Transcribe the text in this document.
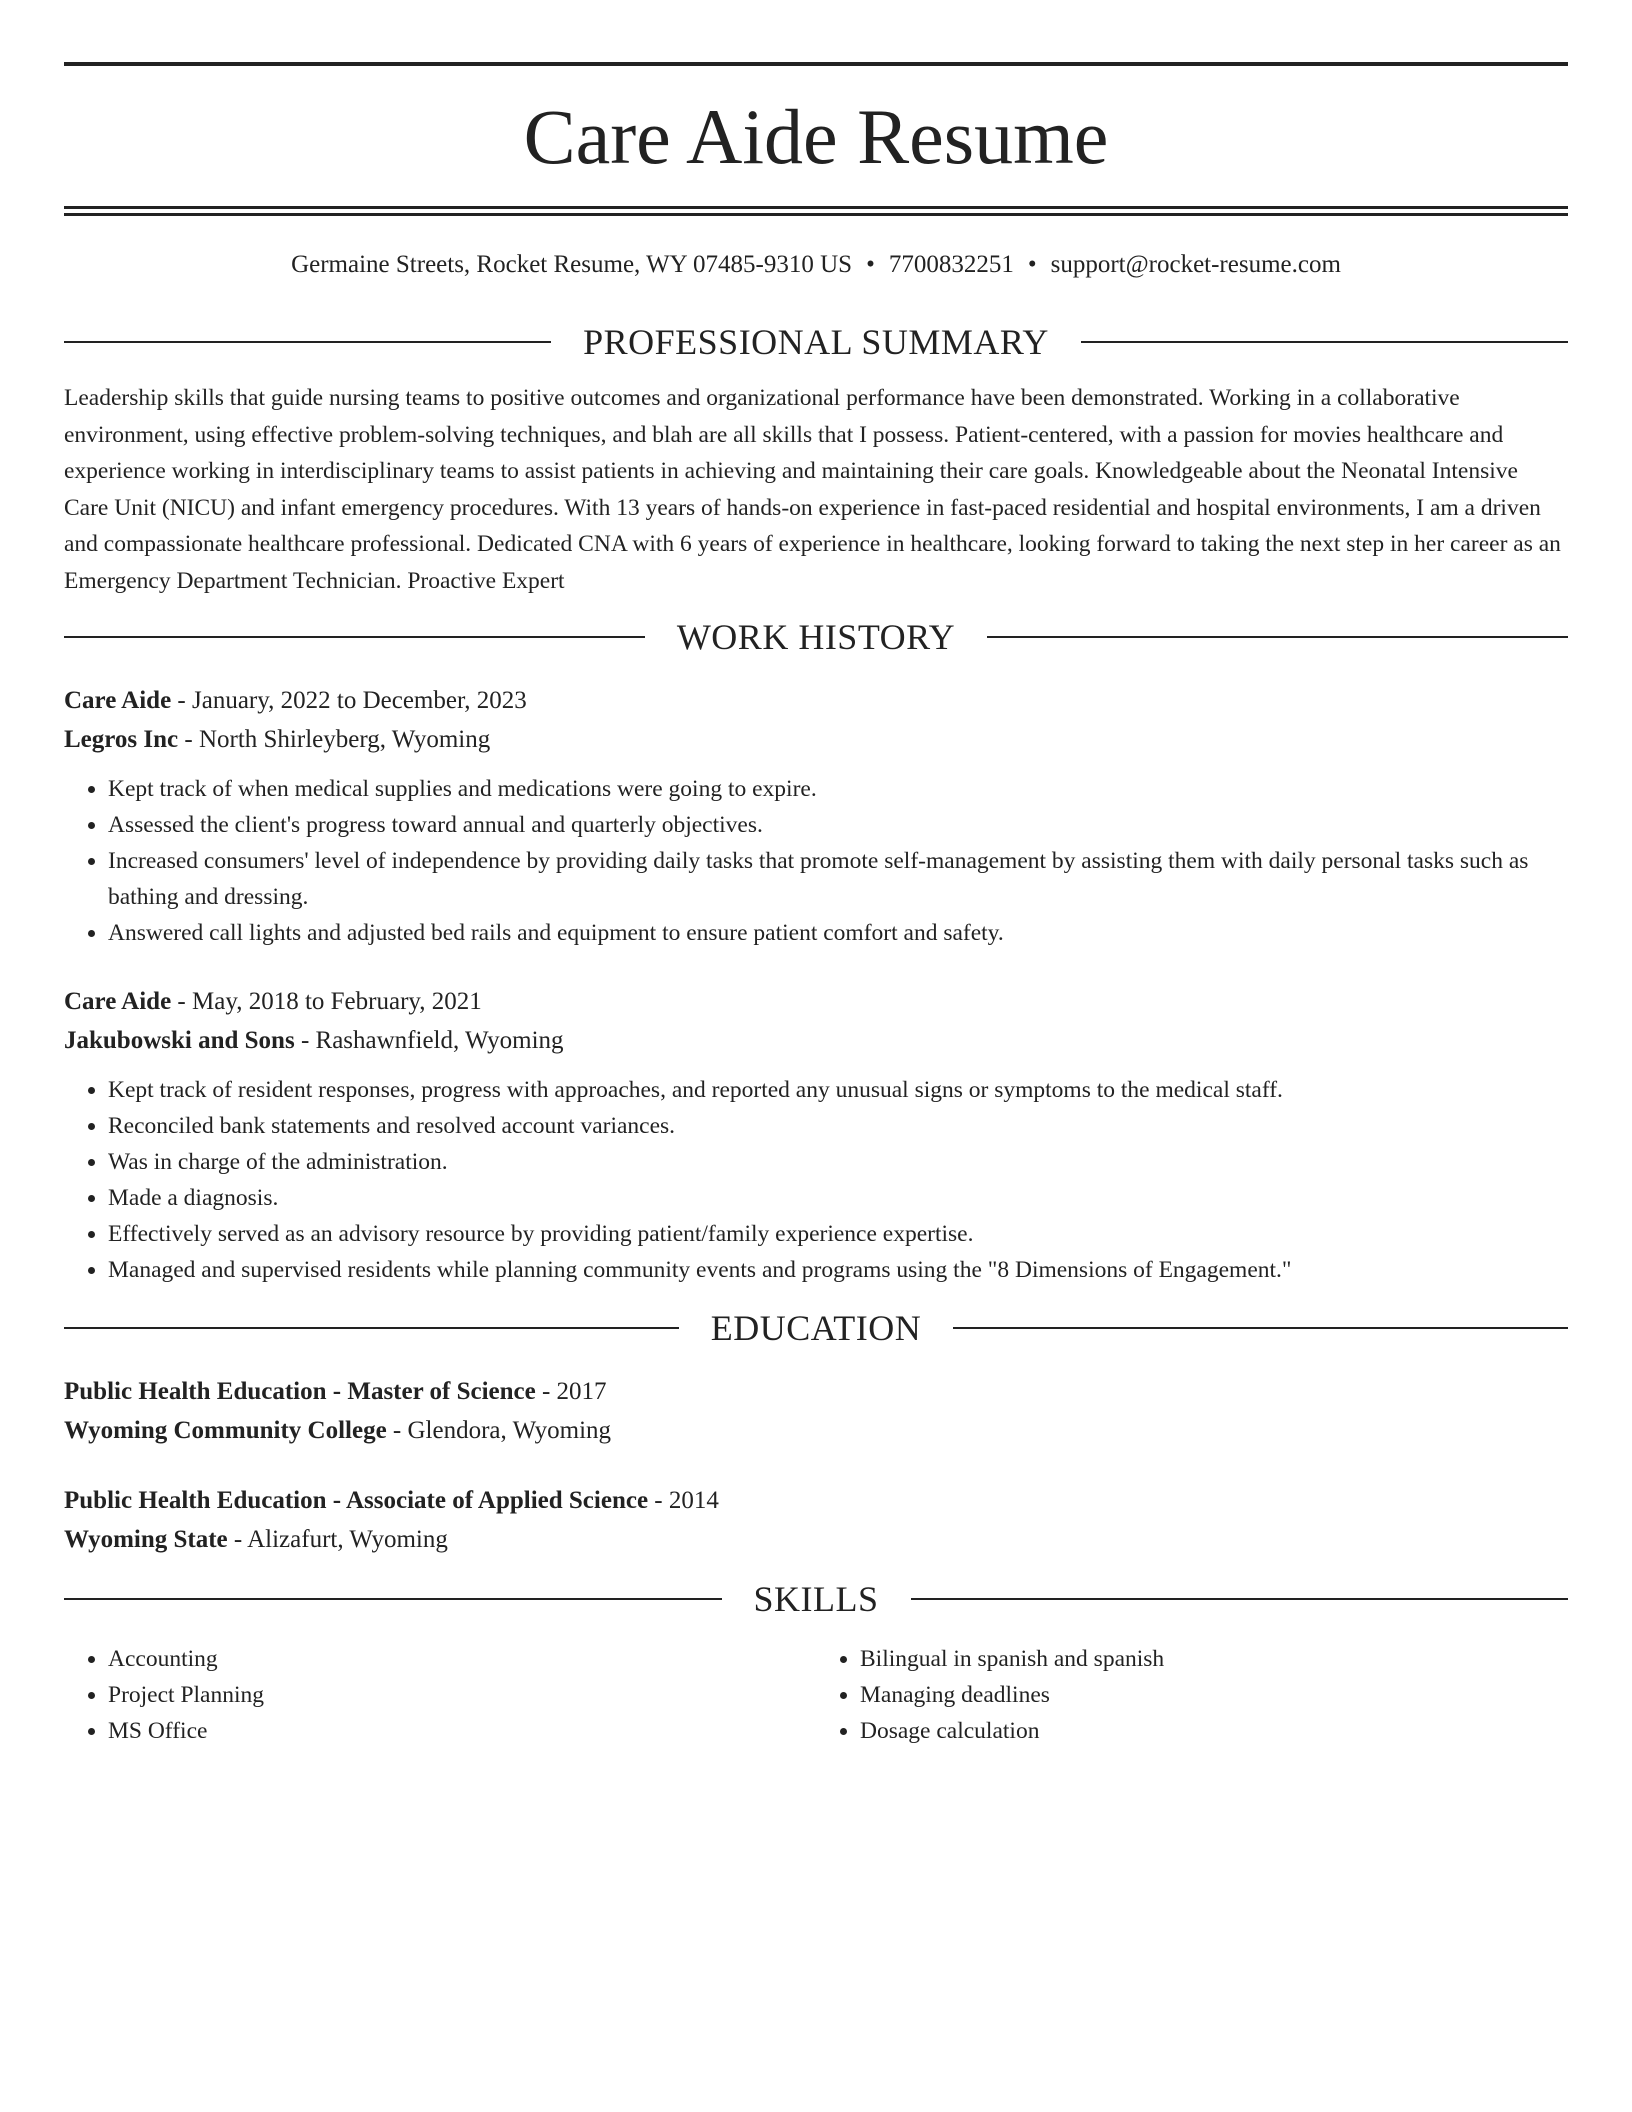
Care Aide Resume
Germaine Streets, Rocket Resume, WY 07485-9310 US • 7700832251 • support@rocket-resume.com
PROFESSIONAL SUMMARY

Leadership skills that guide nursing teams to positive outcomes and organizational performance have been demonstrated. Working in a collaborative environment, using effective problem-solving techniques, and blah are all skills that I possess. Patient-centered, with a passion for movies healthcare and experience working in interdisciplinary teams to assist patients in achieving and maintaining their care goals. Knowledgeable about the Neonatal Intensive Care Unit (NICU) and infant emergency procedures. With 13 years of hands-on experience in fast-paced residential and hospital environments, I am a driven and compassionate healthcare professional. Dedicated CNA with 6 years of experience in healthcare, looking forward to taking the next step in her career as an Emergency Department Technician. Proactive Expert

WORK HISTORY
Care Aide - January, 2022 to December, 2023
Legros Inc - North Shirleyberg, Wyoming
• Kept track of when medical supplies and medications were going to expire.
• Assessed the client's progress toward annual and quarterly objectives.
• Increased consumers' level of independence by providing daily tasks that promote self-management by assisting them with daily personal tasks such as bathing and dressing.
• Answered call lights and adjusted bed rails and equipment to ensure patient comfort and safety.
Care Aide - May, 2018 to February, 2021
Jakubowski and Sons - Rashawnfield, Wyoming
• Kept track of resident responses, progress with approaches, and reported any unusual signs or symptoms to the medical staff.
• Reconciled bank statements and resolved account variances.
• Was in charge of the administration.
• Made a diagnosis.
• Effectively served as an advisory resource by providing patient/family experience expertise.
• Managed and supervised residents while planning community events and programs using the "8 Dimensions of Engagement."
EDUCATION
Public Health Education - Master of Science - 2017
Wyoming Community College - Glendora, Wyoming
Public Health Education - Associate of Applied Science - 2014
Wyoming State - Alizafurt, Wyoming
SKILLS
• Accounting
• Project Planning
• MS Office
• Bilingual in spanish and spanish
• Managing deadlines
• Dosage calculation
